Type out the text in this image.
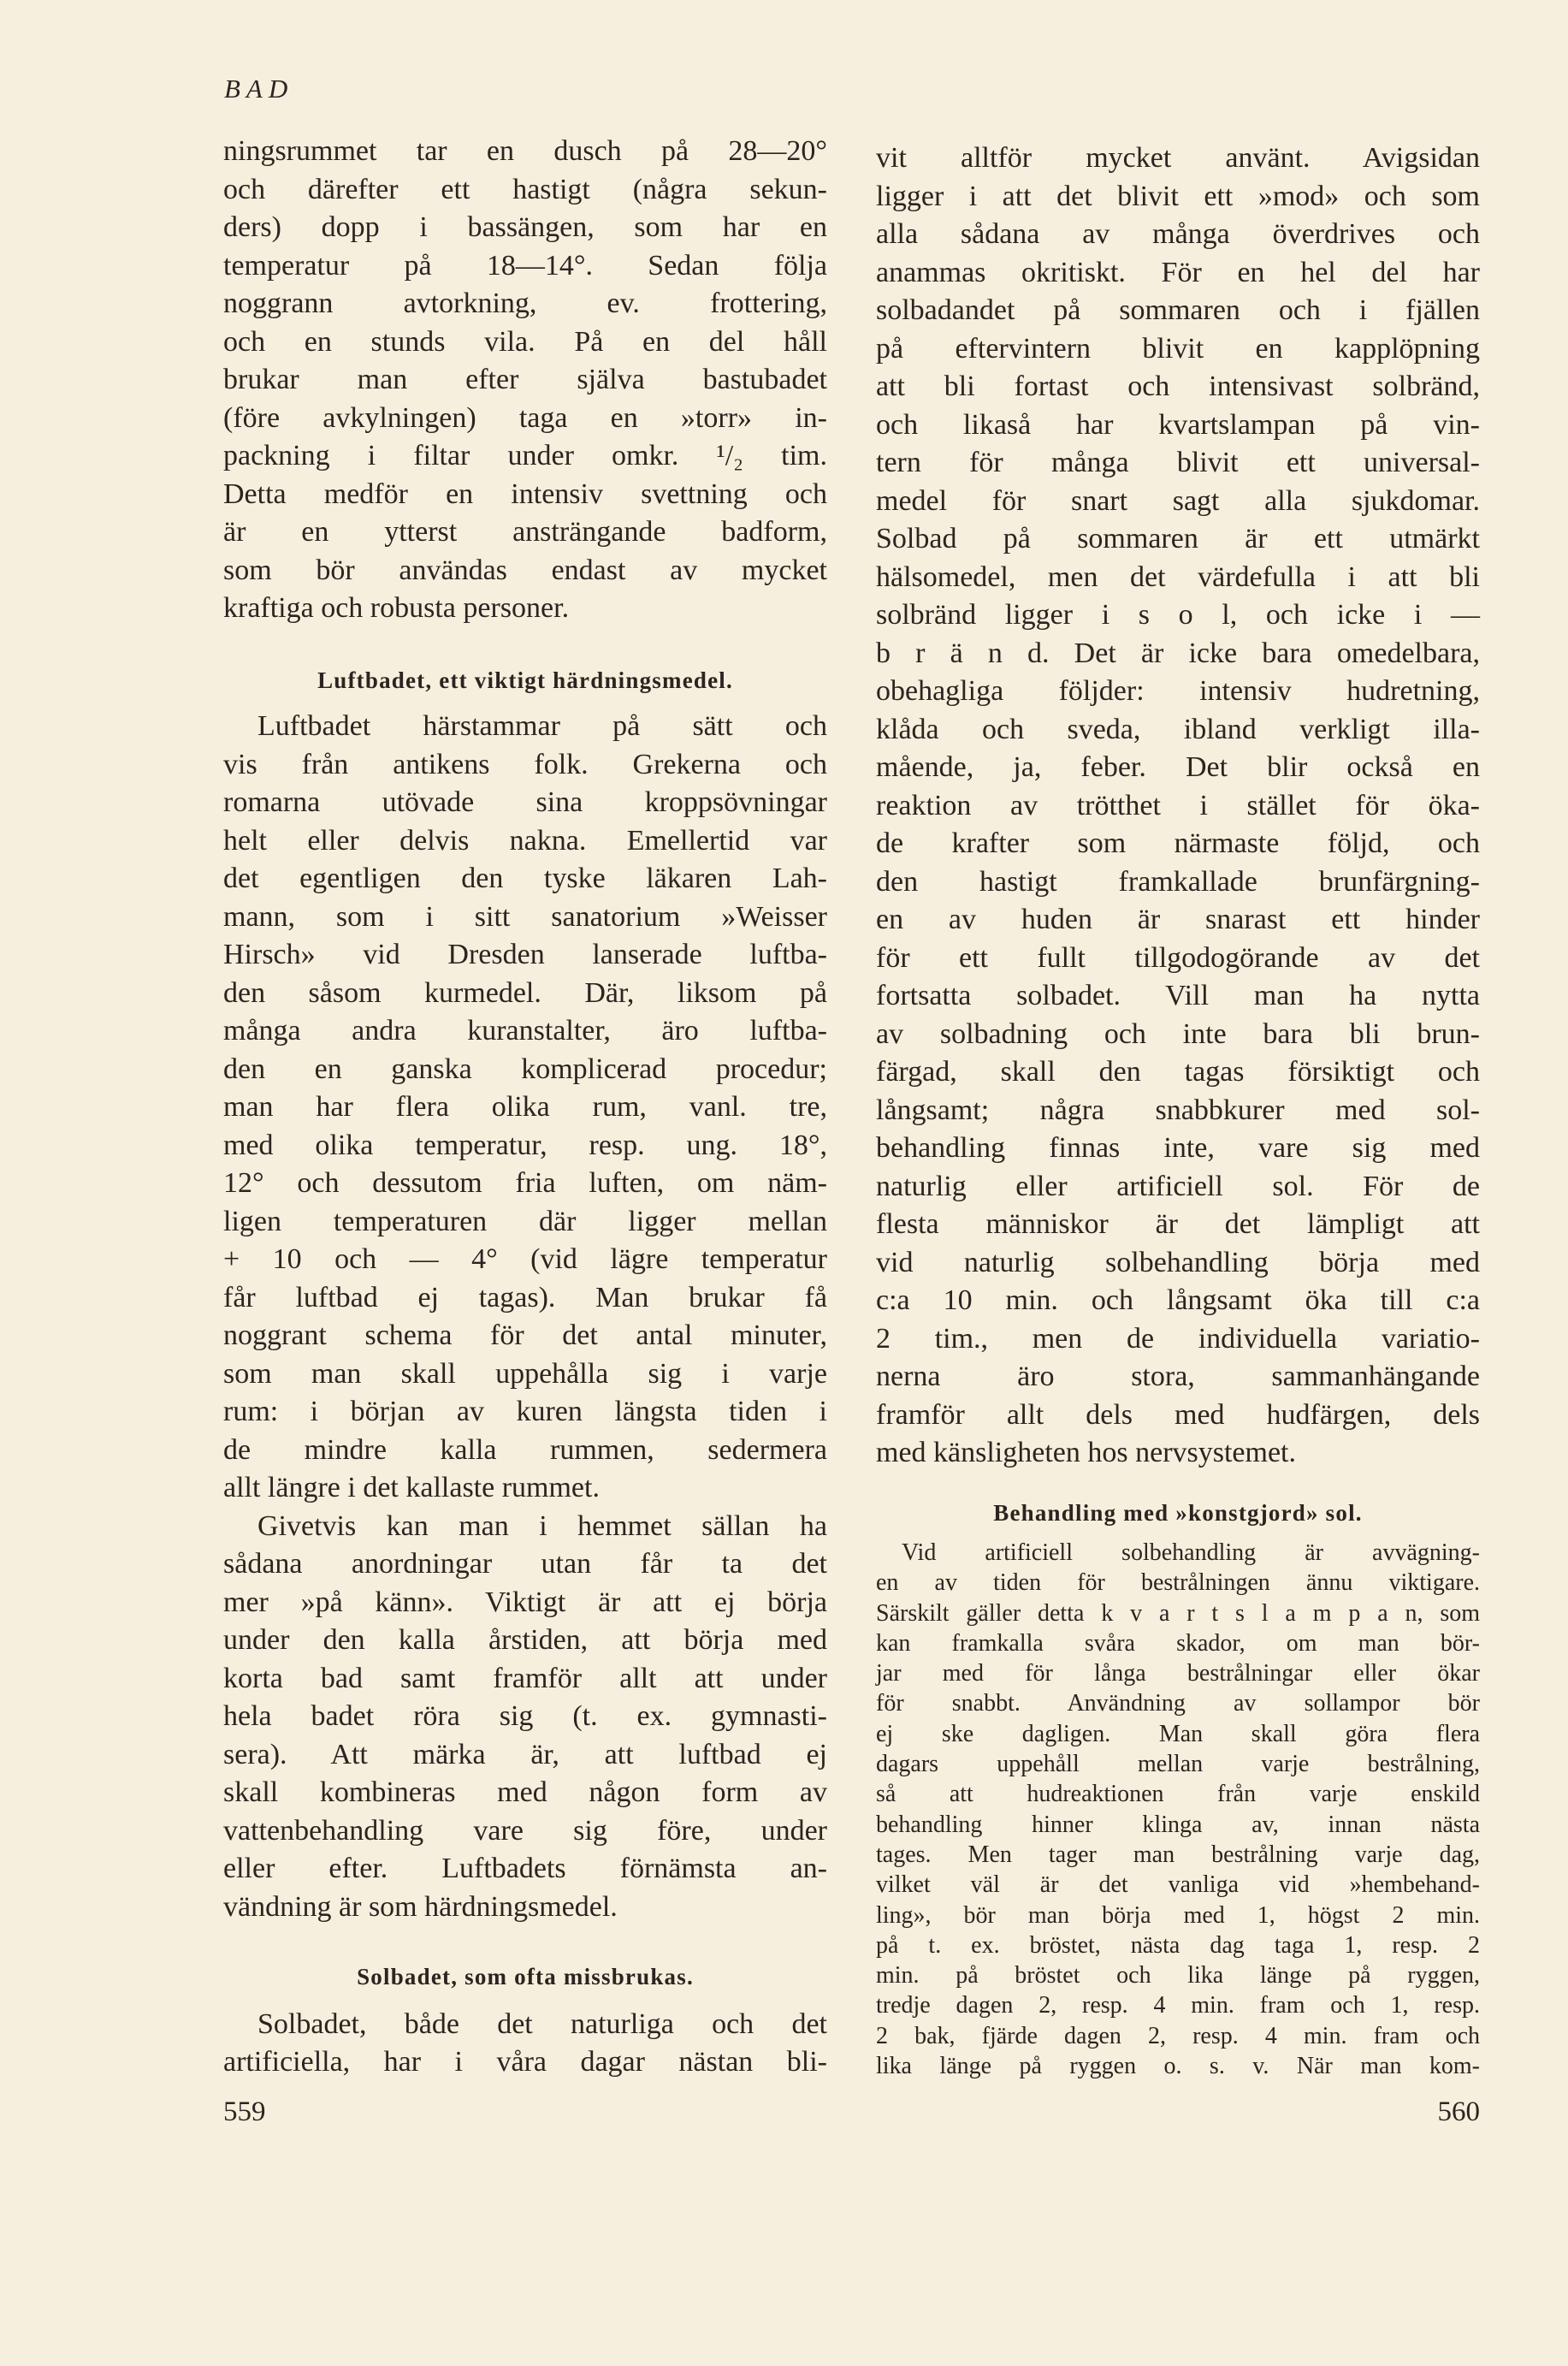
BAD
ningsrummet tar en dusch på 28—20°
och därefter ett hastigt (några sekun-
ders) dopp i bassängen, som har en
temperatur på 18—14°. Sedan följa
noggrann avtorkning, ev. frottering,
och en stunds vila. På en del håll
brukar man efter själva bastubadet
(före avkylningen) taga en »torr» in-
packning i filtar under omkr. ¹/₂ tim.
Detta medför en intensiv svettning och
är en ytterst ansträngande badform,
som bör användas endast av mycket
kraftiga och robusta personer.
Luftbadet, ett viktigt härdningsmedel.
Luftbadet härstammar på sätt och
vis från antikens folk. Grekerna och
romarna utövade sina kroppsövningar
helt eller delvis nakna. Emellertid var
det egentligen den tyske läkaren Lah-
mann, som i sitt sanatorium »Weisser
Hirsch» vid Dresden lanserade luftba-
den såsom kurmedel. Där, liksom på
många andra kuranstalter, äro luftba-
den en ganska komplicerad procedur;
man har flera olika rum, vanl. tre,
med olika temperatur, resp. ung. 18°,
12° och dessutom fria luften, om näm-
ligen temperaturen där ligger mellan
+ 10 och — 4° (vid lägre temperatur
får luftbad ej tagas). Man brukar få
noggrant schema för det antal minuter,
som man skall uppehålla sig i varje
rum: i början av kuren längsta tiden i
de mindre kalla rummen, sedermera
allt längre i det kallaste rummet.
Givetvis kan man i hemmet sällan ha
sådana anordningar utan får ta det
mer »på känn». Viktigt är att ej börja
under den kalla årstiden, att börja med
korta bad samt framför allt att under
hela badet röra sig (t. ex. gymnasti-
sera). Att märka är, att luftbad ej
skall kombineras med någon form av
vattenbehandling vare sig före, under
eller efter. Luftbadets förnämsta an-
vändning är som härdningsmedel.
Solbadet, som ofta missbrukas.
Solbadet, både det naturliga och det
artificiella, har i våra dagar nästan bli-
vit alltför mycket använt. Avigsidan
ligger i att det blivit ett »mod» och som
alla sådana av många överdrives och
anammas okritiskt. För en hel del har
solbadandet på sommaren och i fjällen
på eftervintern blivit en kapplöpning
att bli fortast och intensivast solbränd,
och likaså har kvartslampan på vin-
tern för många blivit ett universal-
medel för snart sagt alla sjukdomar.
Solbad på sommaren är ett utmärkt
hälsomedel, men det värdefulla i att bli
solbränd ligger i s o l, och icke i —
b r ä n d. Det är icke bara omedelbara,
obehagliga följder: intensiv hudretning,
klåda och sveda, ibland verkligt illa-
mående, ja, feber. Det blir också en
reaktion av trötthet i stället för öka-
de krafter som närmaste följd, och
den hastigt framkallade brunfärgning-
en av huden är snarast ett hinder
för ett fullt tillgodogörande av det
fortsatta solbadet. Vill man ha nytta
av solbadning och inte bara bli brun-
färgad, skall den tagas försiktigt och
långsamt; några snabbkurer med sol-
behandling finnas inte, vare sig med
naturlig eller artificiell sol. För de
flesta människor är det lämpligt att
vid naturlig solbehandling börja med
c:a 10 min. och långsamt öka till c:a
2 tim., men de individuella variatio-
nerna äro stora, sammanhängande
framför allt dels med hudfärgen, dels
med känsligheten hos nervsystemet.
Behandling med »konstgjord» sol.
Vid artificiell solbehandling är avvägning-
en av tiden för bestrålningen ännu viktigare.
Särskilt gäller detta k v a r t s l a m p a n, som
kan framkalla svåra skador, om man bör-
jar med för långa bestrålningar eller ökar
för snabbt. Användning av sollampor bör
ej ske dagligen. Man skall göra flera
dagars uppehåll mellan varje bestrålning,
så att hudreaktionen från varje enskild
behandling hinner klinga av, innan nästa
tages. Men tager man bestrålning varje dag,
vilket väl är det vanliga vid »hembehand-
ling», bör man börja med 1, högst 2 min.
på t. ex. bröstet, nästa dag taga 1, resp. 2
min. på bröstet och lika länge på ryggen,
tredje dagen 2, resp. 4 min. fram och 1, resp.
2 bak, fjärde dagen 2, resp. 4 min. fram och
lika länge på ryggen o. s. v. När man kom-
559	560
